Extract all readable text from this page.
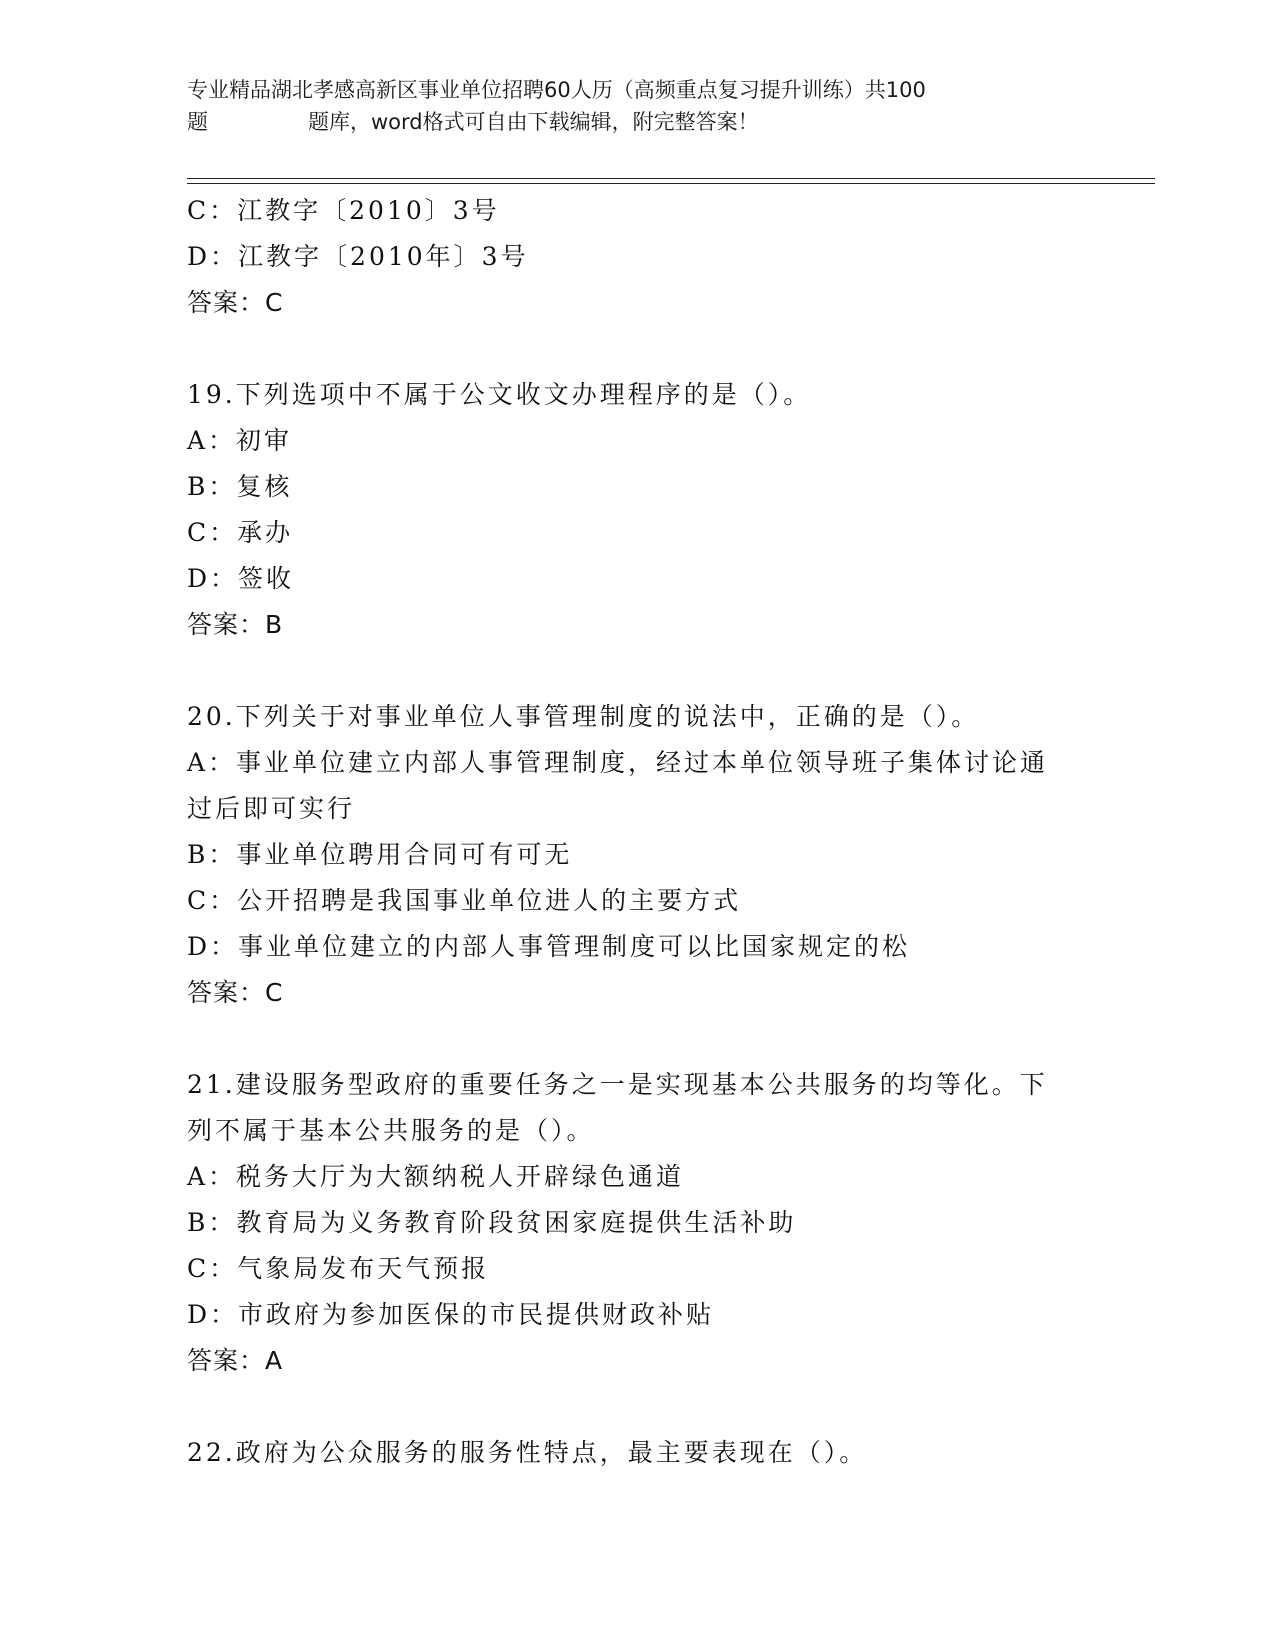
专业精品湖北孝感高新区事业单位招聘60人历（高频重点复习提升训练）共100
题	题库，word格式可自由下载编辑，附完整答案！
C：江教字〔2010〕3号
D：江教字〔2010年〕3号
答案：C
19.下列选项中不属于公文收文办理程序的是（）。
A：初审
B：复核
C：承办
D：签收
答案：B
20.下列关于对事业单位人事管理制度的说法中，正确的是（）。
A：事业单位建立内部人事管理制度，经过本单位领导班子集体讨论通
过后即可实行
B：事业单位聘用合同可有可无
C：公开招聘是我国事业单位进人的主要方式
D：事业单位建立的内部人事管理制度可以比国家规定的松
答案：C
21.建设服务型政府的重要任务之一是实现基本公共服务的均等化。下
列不属于基本公共服务的是（）。
A：税务大厅为大额纳税人开辟绿色通道
B：教育局为义务教育阶段贫困家庭提供生活补助
C：气象局发布天气预报
D：市政府为参加医保的市民提供财政补贴
答案：A
22.政府为公众服务的服务性特点，最主要表现在（）。
